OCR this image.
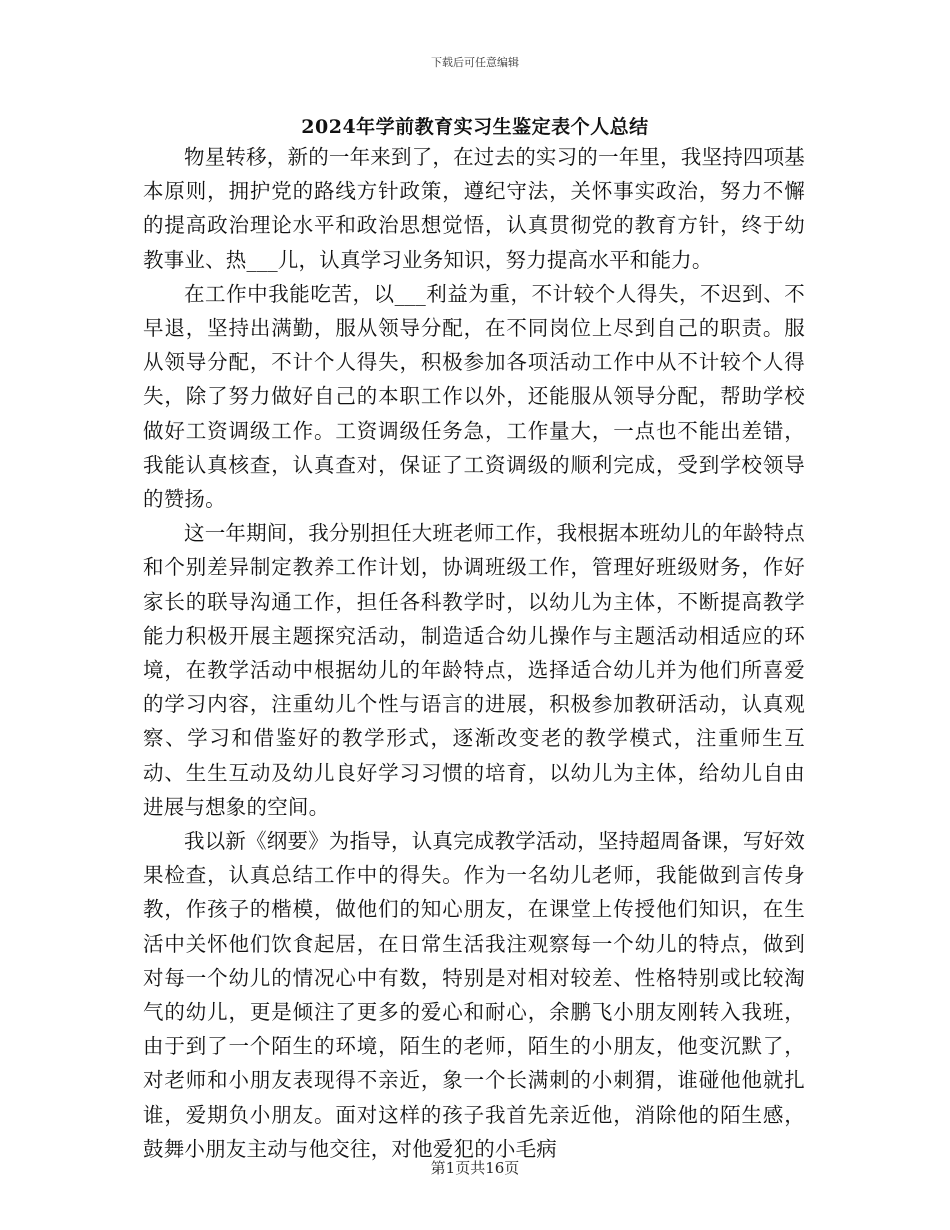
下载后可任意编辑
2024年学前教育实习生鉴定表个人总结

物星转移，新的一年来到了，在过去的实习的一年里，我坚持四项基本原则，拥护党的路线方针政策，遵纪守法，关怀事实政治，努力不懈的提高政治理论水平和政治思想觉悟，认真贯彻党的教育方针，终于幼教事业、热___儿，认真学习业务知识，努力提高水平和能力。

在工作中我能吃苦，以___利益为重，不计较个人得失，不迟到、不早退，坚持出满勤，服从领导分配，在不同岗位上尽到自己的职责。服从领导分配，不计个人得失，积极参加各项活动工作中从不计较个人得失，除了努力做好自己的本职工作以外，还能服从领导分配，帮助学校做好工资调级工作。工资调级任务急，工作量大，一点也不能出差错，我能认真核查，认真查对，保证了工资调级的顺利完成，受到学校领导的赞扬。

这一年期间，我分别担任大班老师工作，我根据本班幼儿的年龄特点和个别差异制定教养工作计划，协调班级工作，管理好班级财务，作好家长的联导沟通工作，担任各科教学时，以幼儿为主体，不断提高教学能力积极开展主题探究活动，制造适合幼儿操作与主题活动相适应的环境，在教学活动中根据幼儿的年龄特点，选择适合幼儿并为他们所喜爱的学习内容，注重幼儿个性与语言的进展，积极参加教研活动，认真观察、学习和借鉴好的教学形式，逐渐改变老的教学模式，注重师生互动、生生互动及幼儿良好学习习惯的培育，以幼儿为主体，给幼儿自由进展与想象的空间。

我以新《纲要》为指导，认真完成教学活动，坚持超周备课，写好效果检查，认真总结工作中的得失。作为一名幼儿老师，我能做到言传身教，作孩子的楷模，做他们的知心朋友，在课堂上传授他们知识，在生活中关怀他们饮食起居，在日常生活我注观察每一个幼儿的特点，做到对每一个幼儿的情况心中有数，特别是对相对较差、性格特别或比较淘气的幼儿，更是倾注了更多的爱心和耐心，余鹏飞小朋友刚转入我班，由于到了一个陌生的环境，陌生的老师，陌生的小朋友，他变沉默了，对老师和小朋友表现得不亲近，象一个长满刺的小刺猬，谁碰他他就扎谁，爱期负小朋友。面对这样的孩子我首先亲近他，消除他的陌生感，鼓舞小朋友主动与他交往，对他爱犯的小毛病

第1页共16页
